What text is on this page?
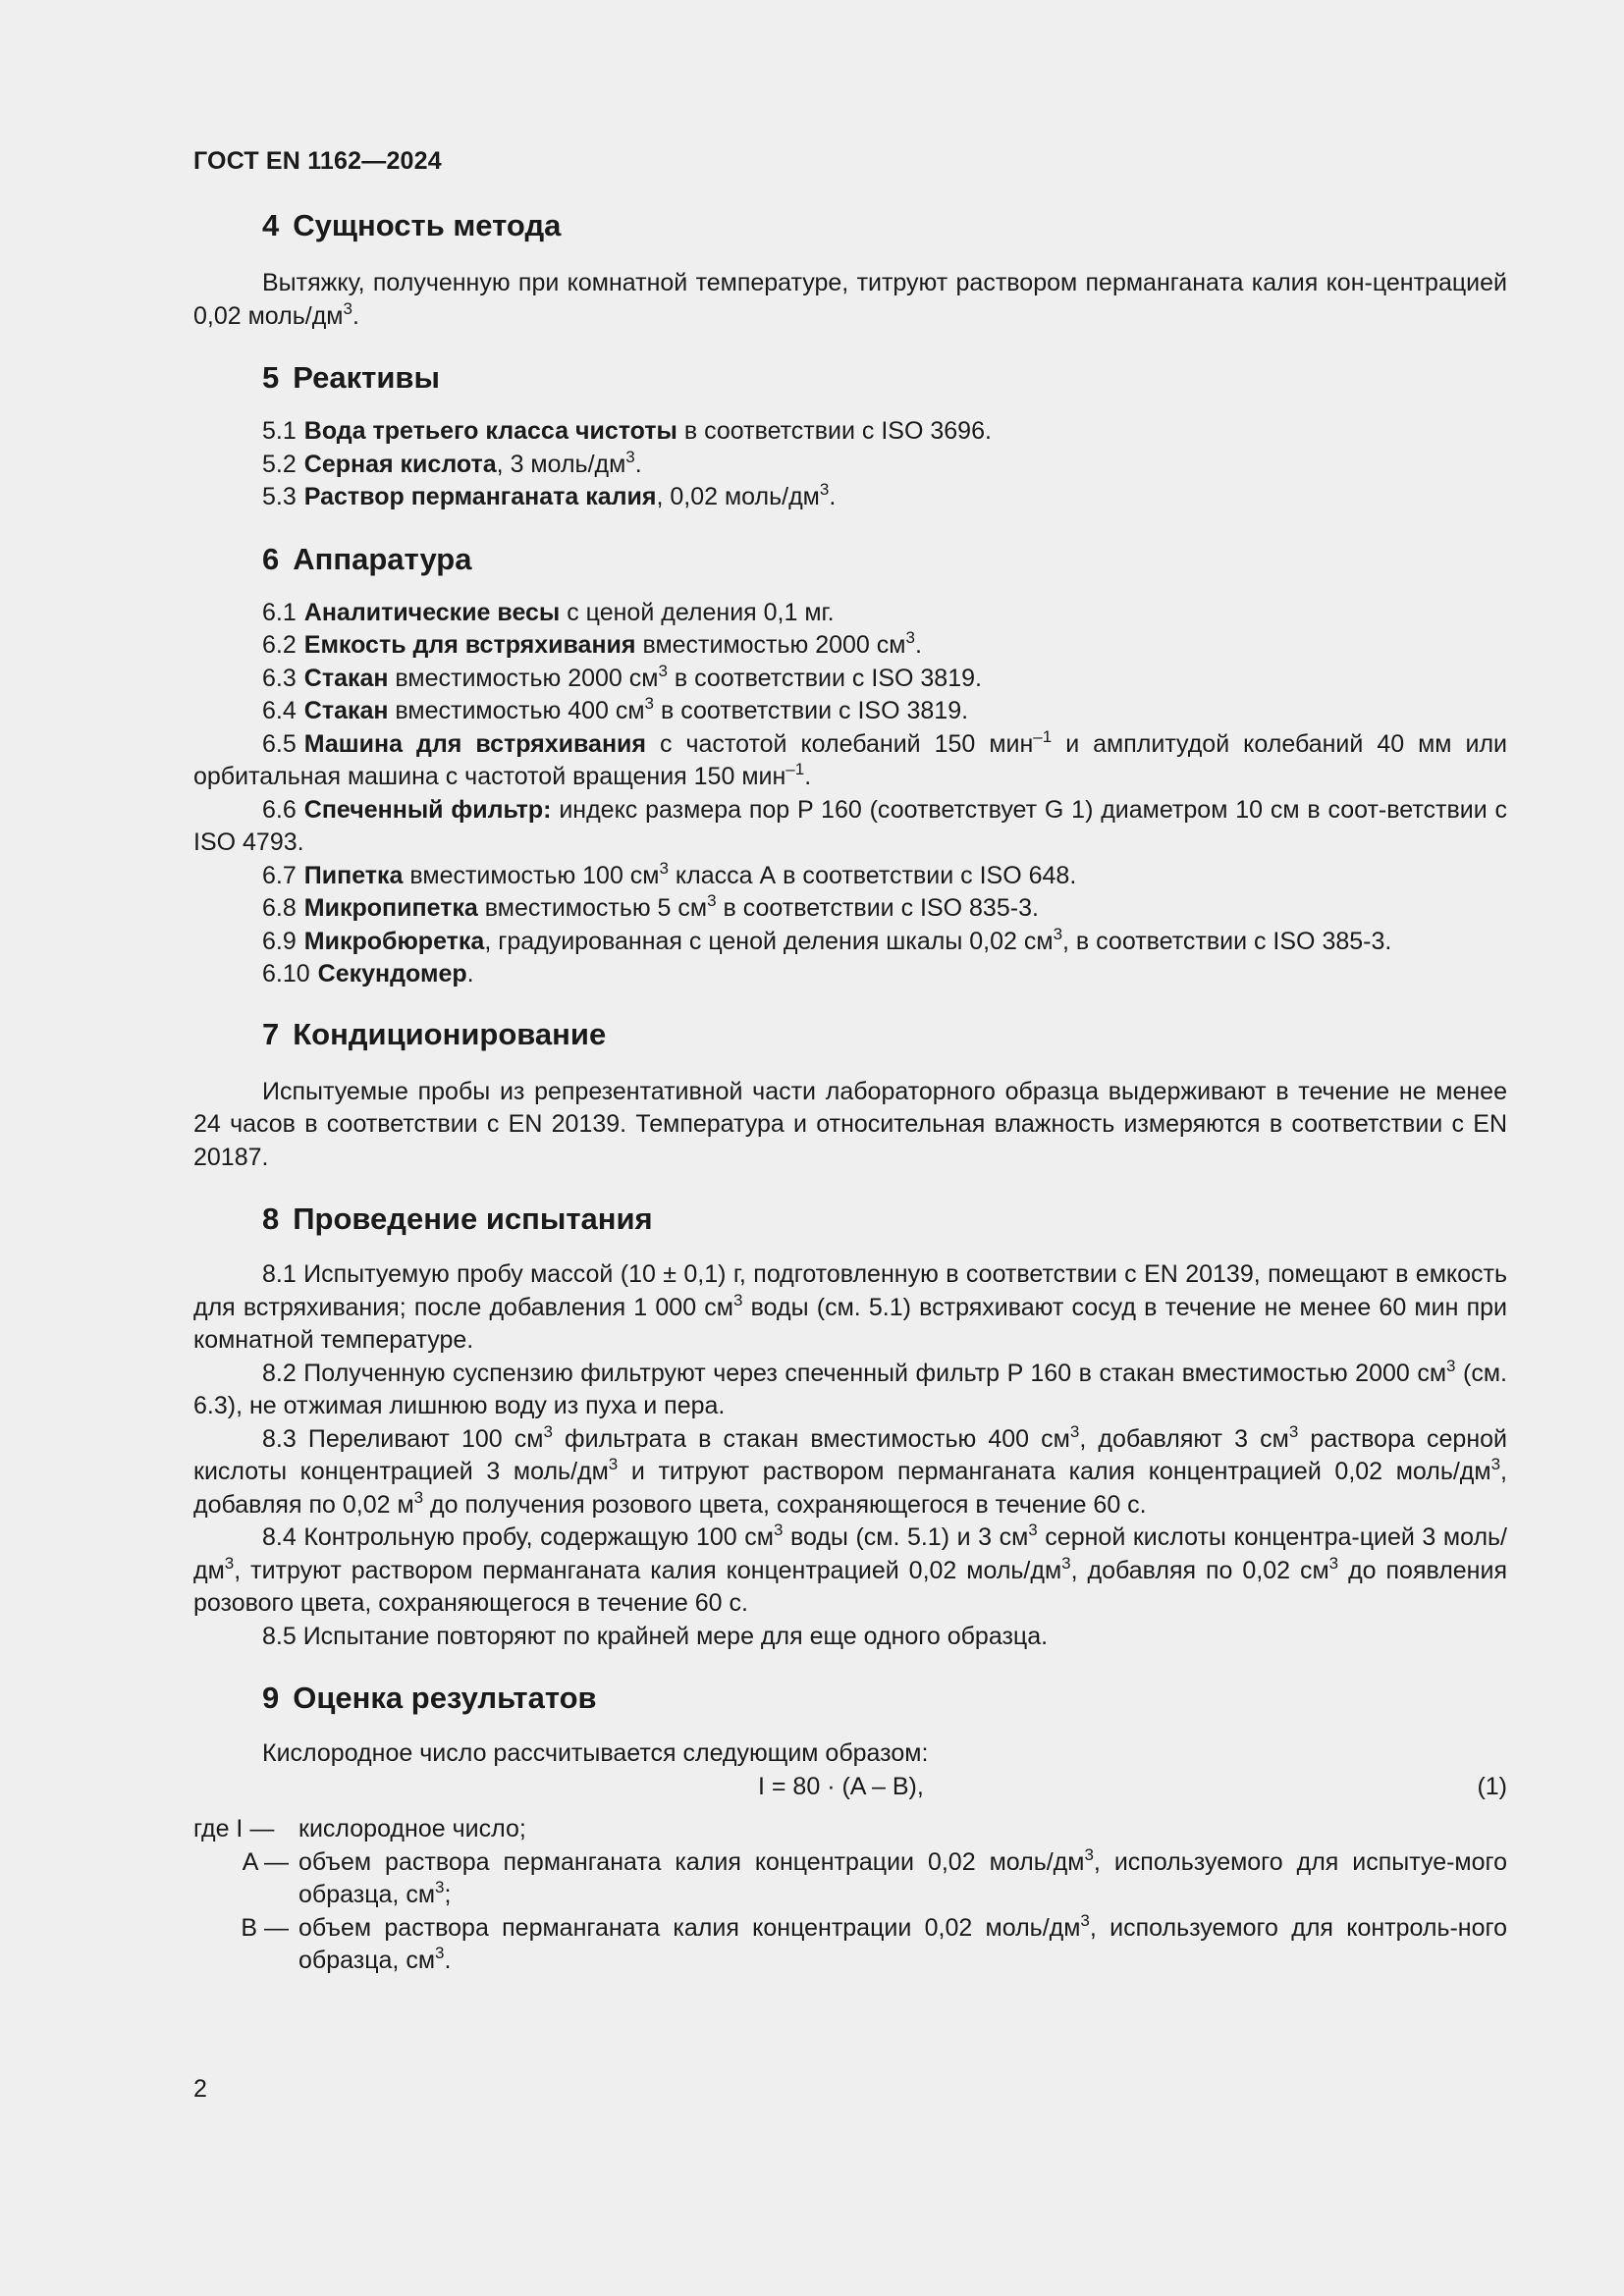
ГОСТ EN 1162—2024
4 Сущность метода

Вытяжку, полученную при комнатной температуре, титруют раствором перманганата калия кон-центрацией 0,02 моль/$дм^3$.

5 Реактивы
5.1 Вода третьего класса чистоты в соответствии с ISO 3696.
5.2 Серная кислота, 3 моль/$дм^3$.
5.3 Раствор перманганата калия, 0,02 моль/$дм^3$.
6 Аппаратура
6.1 Аналитические весы с ценой деления 0,1 мг.
6.2 Емкость для встряхивания вместимостью 2000 $см^3$.
6.3 Стакан вместимостью 2000 $см^3$ в соответствии с ISO 3819.
6.4 Стакан вместимостью 400 $см^3$ в соответствии с ISO 3819.
6.5 Машина для встряхивания с частотой колебаний 150 мин$^{-1}$ и амплитудой колебаний 40 мм или орбитальная машина с частотой вращения 150 мин$^{-1}$.
6.6 Спеченный фильтр: индекс размера пор P 160 (соответствует G 1) диаметром 10 см в соот-ветствии с ISO 4793.
6.7 Пипетка вместимостью 100 $см^3$ класса А в соответствии с ISO 648.
6.8 Микропипетка вместимостью 5 $см^3$ в соответствии с ISO 835-3.
6.9 Микробюретка, градуированная с ценой деления шкалы 0,02 $см^3$, в соответствии с ISO 385-3.
6.10 Секундомер.
7 Кондиционирование

Испытуемые пробы из репрезентативной части лабораторного образца выдерживают в течение не менее 24 часов в соответствии с EN 20139. Температура и относительная влажность измеряются в соответствии с EN 20187.

8 Проведение испытания

8.1 Испытуемую пробу массой (10 ± 0,1) г, подготовленную в соответствии с EN 20139, помещают в емкость для встряхивания; после добавления 1 000 $см^3$ воды (см. 5.1) встряхивают сосуд в течение не менее 60 мин при комнатной температуре.

8.2 Полученную суспензию фильтруют через спеченный фильтр P 160 в стакан вместимостью 2000 $см^3$ (см. 6.3), не отжимая лишнюю воду из пуха и пера.

8.3 Переливают 100 $см^3$ фильтрата в стакан вместимостью 400 $см^3$, добавляют 3 $см^3$ раствора серной кислоты концентрацией 3 моль/$дм^3$ и титруют раствором перманганата калия концентрацией 0,02 моль/$дм^3$, добавляя по 0,02 $м^3$ до получения розового цвета, сохраняющегося в течение 60 с.

8.4 Контрольную пробу, содержащую 100 $см^3$ воды (см. 5.1) и 3 $см^3$ серной кислоты концентра-цией 3 моль/$дм^3$, титруют раствором перманганата калия концентрацией 0,02 моль/$дм^3$, добавляя по 0,02 $см^3$ до появления розового цвета, сохраняющегося в течение 60 с.

8.5 Испытание повторяют по крайней мере для еще одного образца.

9 Оценка результатов

Кислородное число рассчитывается следующим образом:

I = 80 · (A – B),	(1)
где I — кислородное число;
A — объем раствора перманганата калия концентрации 0,02 моль/$дм^3$, используемого для испытуе-мого образца, $см^3$;
B — объем раствора перманганата калия концентрации 0,02 моль/$дм^3$, используемого для контроль-ного образца, $см^3$.
2
